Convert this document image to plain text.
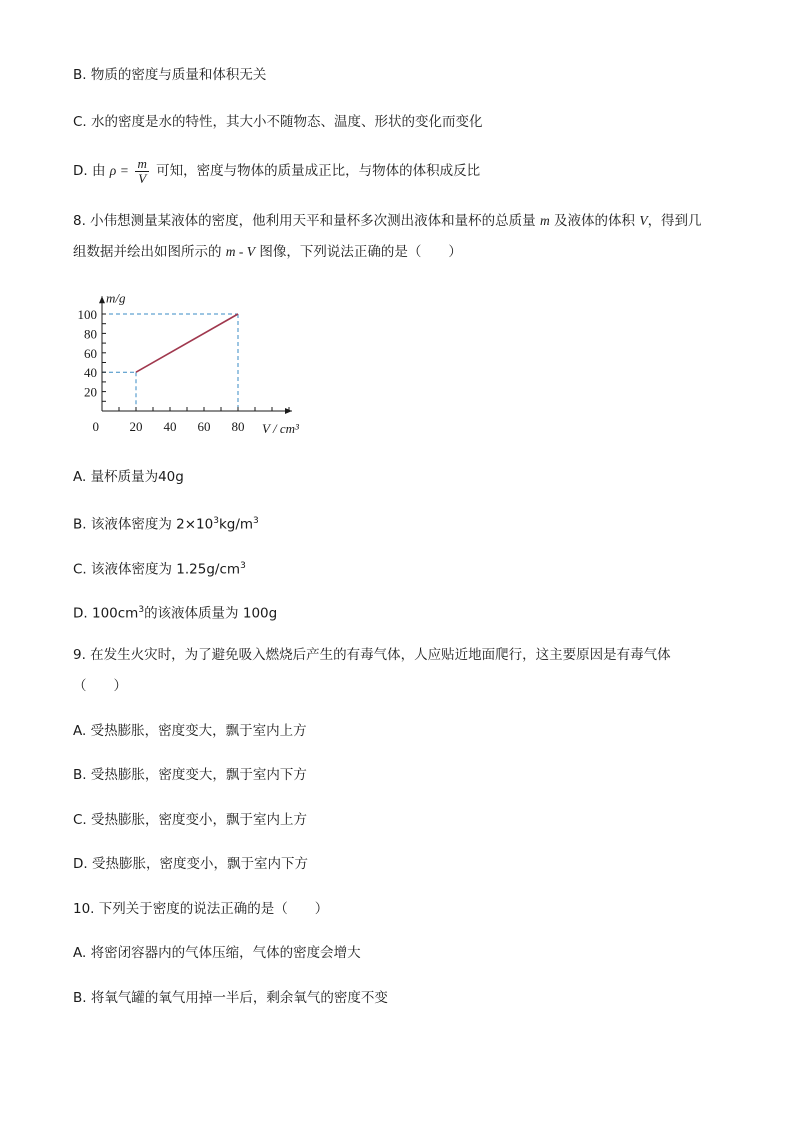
B. 物质的密度与质量和体积无关
C. 水的密度是水的特性，其大小不随物态、温度、形状的变化而变化
D. 由 $\rho = \frac{m}{V}$ 可知，密度与物体的质量成正比，与物体的体积成反比
8. 小伟想测量某液体的密度，他利用天平和量杯多次测出液体和量杯的总质量 m 及液体的体积 V，得到几
组数据并绘出如图所示的 m - V 图像，下列说法正确的是（　　）
20 40 60 80
20
40
60
80
100
0
m/g
V / cm³
A. 量杯质量为40g
B. 该液体密度为 $2\times 10^3kg/m^3$
C. 该液体密度为 $1.25g/cm^3$
D. $100cm^3$的该液体质量为 100g
9. 在发生火灾时，为了避免吸入燃烧后产生的有毒气体，人应贴近地面爬行，这主要原因是有毒气体
（　　）
A. 受热膨胀，密度变大，飘于室内上方
B. 受热膨胀，密度变大，飘于室内下方
C. 受热膨胀，密度变小，飘于室内上方
D. 受热膨胀，密度变小，飘于室内下方
10. 下列关于密度的说法正确的是（　　）
A. 将密闭容器内的气体压缩，气体的密度会增大
B. 将氧气罐的氧气用掉一半后，剩余氧气的密度不变
